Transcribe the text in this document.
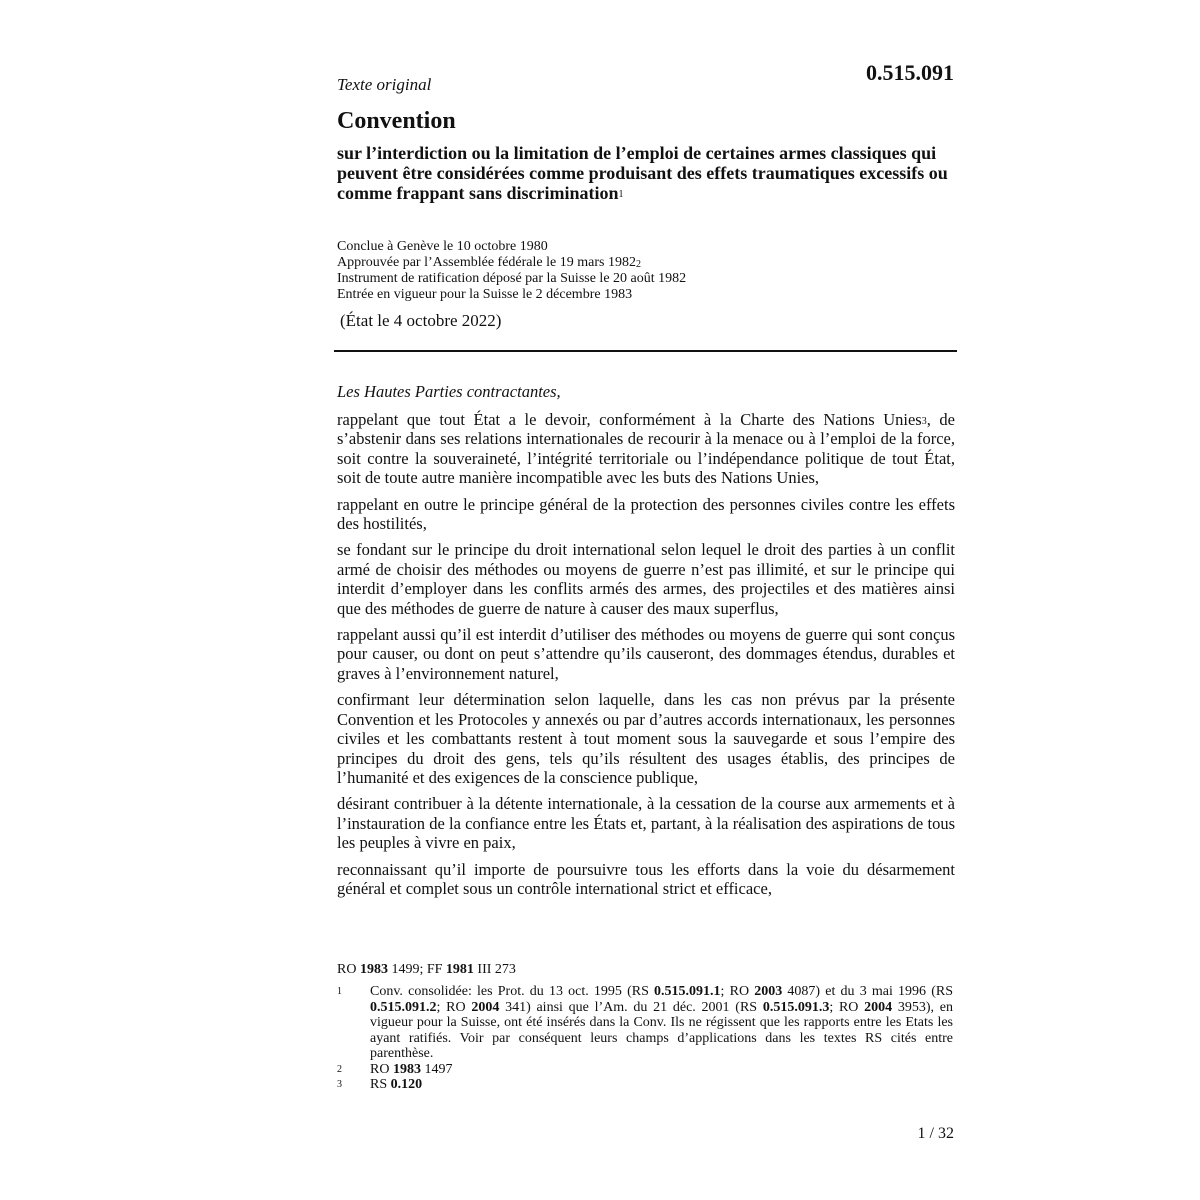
Texte original	0.515.091
Convention
sur l’interdiction ou la limitation de l’emploi de certaines armes classiques qui peuvent être considérées comme produisant des effets traumatiques excessifs ou comme frappant sans discrimination$^1$
Conclue à Genève le 10 octobre 1980
Approuvée par l’Assemblée fédérale le 19 mars 1982$^2$
Instrument de ratification déposé par la Suisse le 20 août 1982
Entrée en vigueur pour la Suisse le 2 décembre 1983
(État le 4 octobre 2022)
Les Hautes Parties contractantes,

rappelant que tout État a le devoir, conformément à la Charte des Nations Unies$^3$, de s’abstenir dans ses relations internationales de recourir à la menace ou à l’emploi de la force, soit contre la souveraineté, l’intégrité territoriale ou l’indépendance politique de tout État, soit de toute autre manière incompatible avec les buts des Nations Unies,

rappelant en outre le principe général de la protection des personnes civiles contre les effets des hostilités,

se fondant sur le principe du droit international selon lequel le droit des parties à un conflit armé de choisir des méthodes ou moyens de guerre n’est pas illimité, et sur le principe qui interdit d’employer dans les conflits armés des armes, des projectiles et des matières ainsi que des méthodes de guerre de nature à causer des maux superflus,

rappelant aussi qu’il est interdit d’utiliser des méthodes ou moyens de guerre qui sont conçus pour causer, ou dont on peut s’attendre qu’ils causeront, des dommages étendus, durables et graves à l’environnement naturel,

confirmant leur détermination selon laquelle, dans les cas non prévus par la présente Convention et les Protocoles y annexés ou par d’autres accords internationaux, les personnes civiles et les combattants restent à tout moment sous la sauvegarde et sous l’empire des principes du droit des gens, tels qu’ils résultent des usages établis, des principes de l’humanité et des exigences de la conscience publique,

désirant contribuer à la détente internationale, à la cessation de la course aux armements et à l’instauration de la confiance entre les États et, partant, à la réalisation des aspirations de tous les peuples à vivre en paix,

reconnaissant qu’il importe de poursuivre tous les efforts dans la voie du désarmement général et complet sous un contrôle international strict et efficace,

RO 1983 1499; FF 1981 III 273
1 Conv. consolidée: les Prot. du 13 oct. 1995 (RS 0.515.091.1; RO 2003 4087) et du 3 mai 1996 (RS 0.515.091.2; RO 2004 341) ainsi que l’Am. du 21 déc. 2001 (RS 0.515.091.3; RO 2004 3953), en vigueur pour la Suisse, ont été insérés dans la Conv. Ils ne régissent que les rapports entre les Etats les ayant ratifiés. Voir par conséquent leurs champs d’applications dans les textes RS cités entre parenthèse.
2 RO 1983 1497
3 RS 0.120
1 / 32
